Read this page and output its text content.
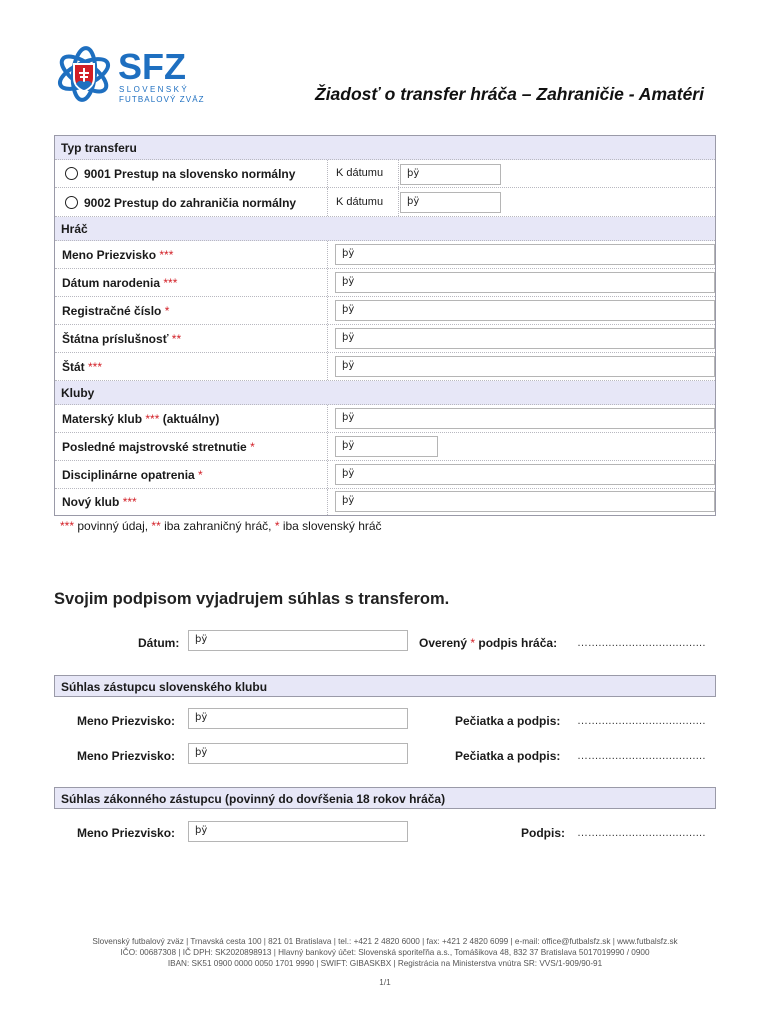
SFZ
SLOVENSKÝ
FUTBALOVÝ ZVÄZ	Žiadosť o transfer hráča – Zahraničie - Amatéri
Typ transferu
9001 Prestup na slovensko normálny	K dátumu	þÿ
9002 Prestup do zahraničia normálny	K dátumu	þÿ
Hráč
Meno Priezvisko ***	þÿ
Dátum narodenia ***	þÿ
Registračné číslo *	þÿ
Štátna príslušnosť **	þÿ
Štát ***	þÿ
Kluby
Materský klub *** (aktuálny)	þÿ
Posledné majstrovské stretnutie *	þÿ
Disciplinárne opatrenia *	þÿ
Nový klub ***	þÿ
*** povinný údaj, ** iba zahraničný hráč, * iba slovenský hráč
Svojim podpisom vyjadrujem súhlas s transferom.
Dátum:	þÿ	Overený * podpis hráča: …...................................
Súhlas zástupcu slovenského klubu
Meno Priezvisko:	þÿ	Pečiatka a podpis: …...................................
Meno Priezvisko:	þÿ	Pečiatka a podpis: …...................................
Súhlas zákonného zástupcu (povinný do dovŕšenia 18 rokov hráča)
Meno Priezvisko:	þÿ	Podpis: …...................................
Slovenský futbalový zväz | Trnavská cesta 100 | 821 01 Bratislava | tel.: +421 2 4820 6000 | fax: +421 2 4820 6099 | e-mail: office@futbalsfz.sk | www.futbalsfz.sk
IČO: 00687308 | IČ DPH: SK2020898913 | Hlavný bankový účet: Slovenská sporiteľňa a.s., Tomášikova 48, 832 37 Bratislava 5017019990 / 0900
IBAN: SK51 0900 0000 0050 1701 9990 | SWIFT: GIBASKBX | Registrácia na Ministerstva vnútra SR: VVS/1-909/90-91
1/1
